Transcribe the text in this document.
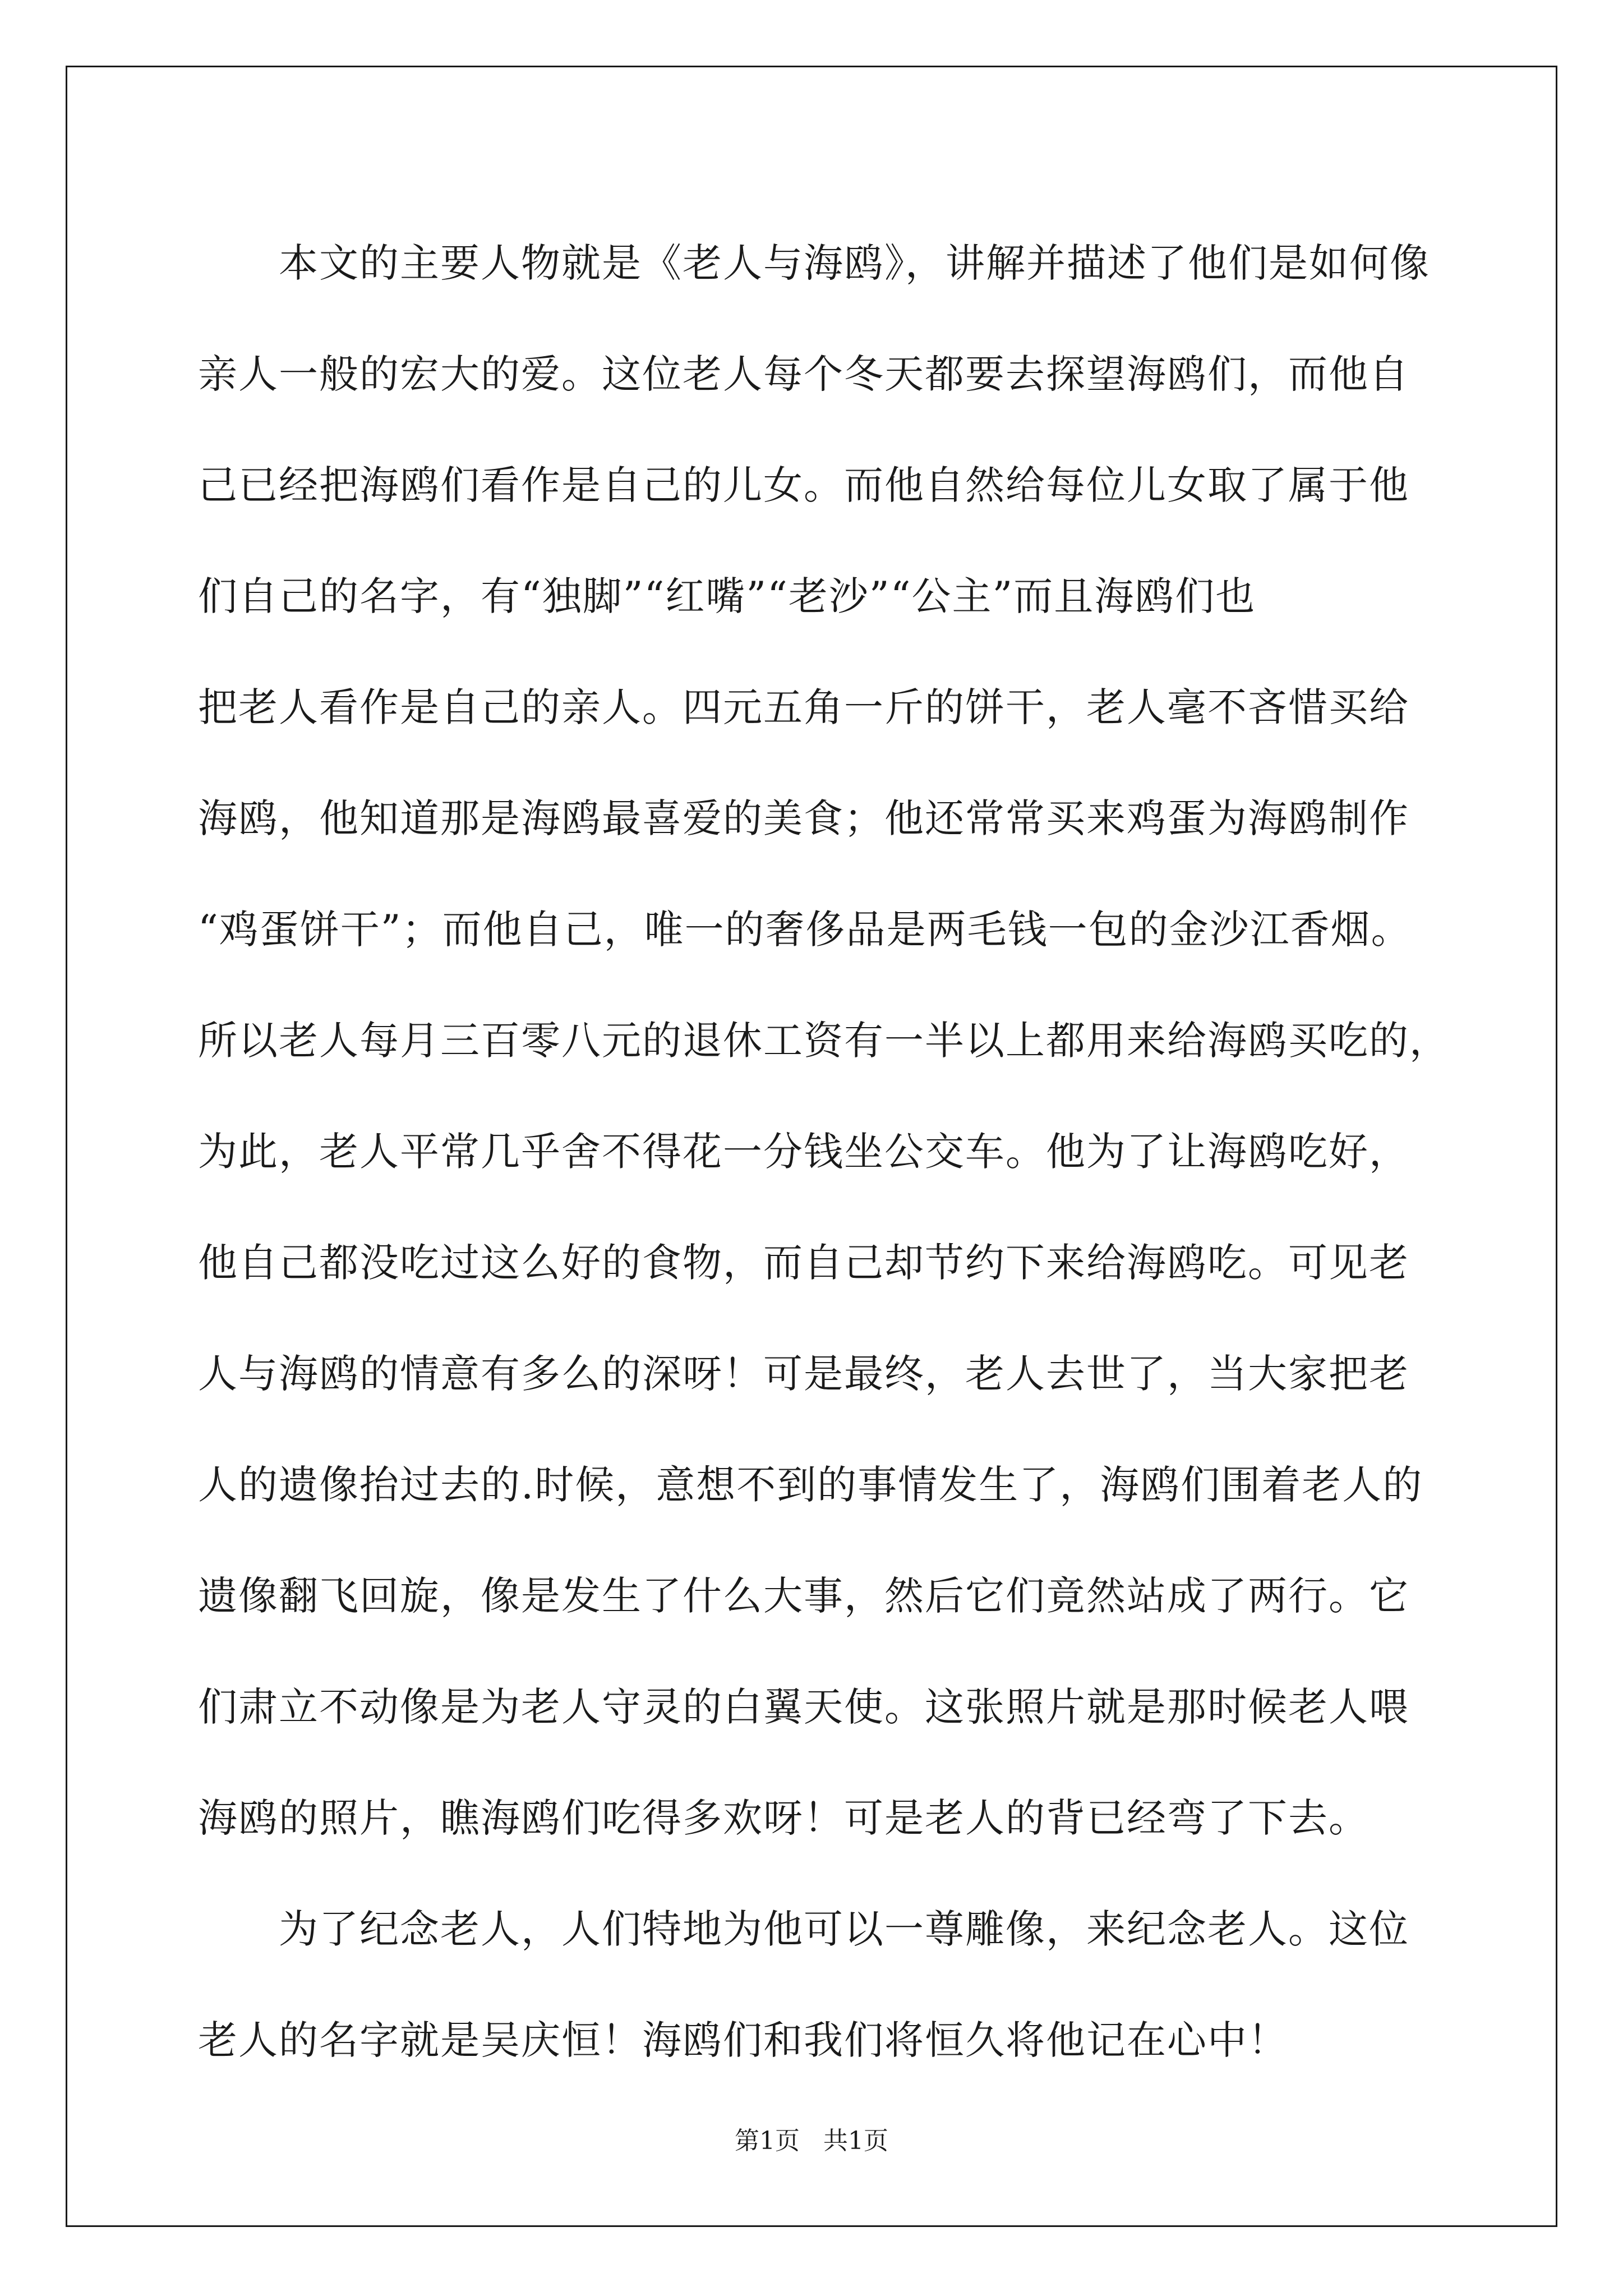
　　本文的主要人物就是《老人与海鸥》，讲解并描述了他们是如何像
亲人一般的宏大的爱。这位老人每个冬天都要去探望海鸥们，而他自
己已经把海鸥们看作是自己的儿女。而他自然给每位儿女取了属于他
们自己的名字，有“独脚”“红嘴”“老沙”“公主”而且海鸥们也
把老人看作是自己的亲人。四元五角一斤的饼干，老人毫不吝惜买给
海鸥，他知道那是海鸥最喜爱的美食；他还常常买来鸡蛋为海鸥制作
“鸡蛋饼干”；而他自己，唯一的奢侈品是两毛钱一包的金沙江香烟。
所以老人每月三百零八元的退休工资有一半以上都用来给海鸥买吃的，
为此，老人平常几乎舍不得花一分钱坐公交车。他为了让海鸥吃好，
他自己都没吃过这么好的食物，而自己却节约下来给海鸥吃。可见老
人与海鸥的情意有多么的深呀！可是最终，老人去世了，当大家把老
人的遗像抬过去的.时候，意想不到的事情发生了，海鸥们围着老人的
遗像翻飞回旋，像是发生了什么大事，然后它们竟然站成了两行。它
们肃立不动像是为老人守灵的白翼天使。这张照片就是那时候老人喂
海鸥的照片，瞧海鸥们吃得多欢呀！可是老人的背已经弯了下去。
　　为了纪念老人，人们特地为他可以一尊雕像，来纪念老人。这位
老人的名字就是吴庆恒！海鸥们和我们将恒久将他记在心中！
第1页 共1页
